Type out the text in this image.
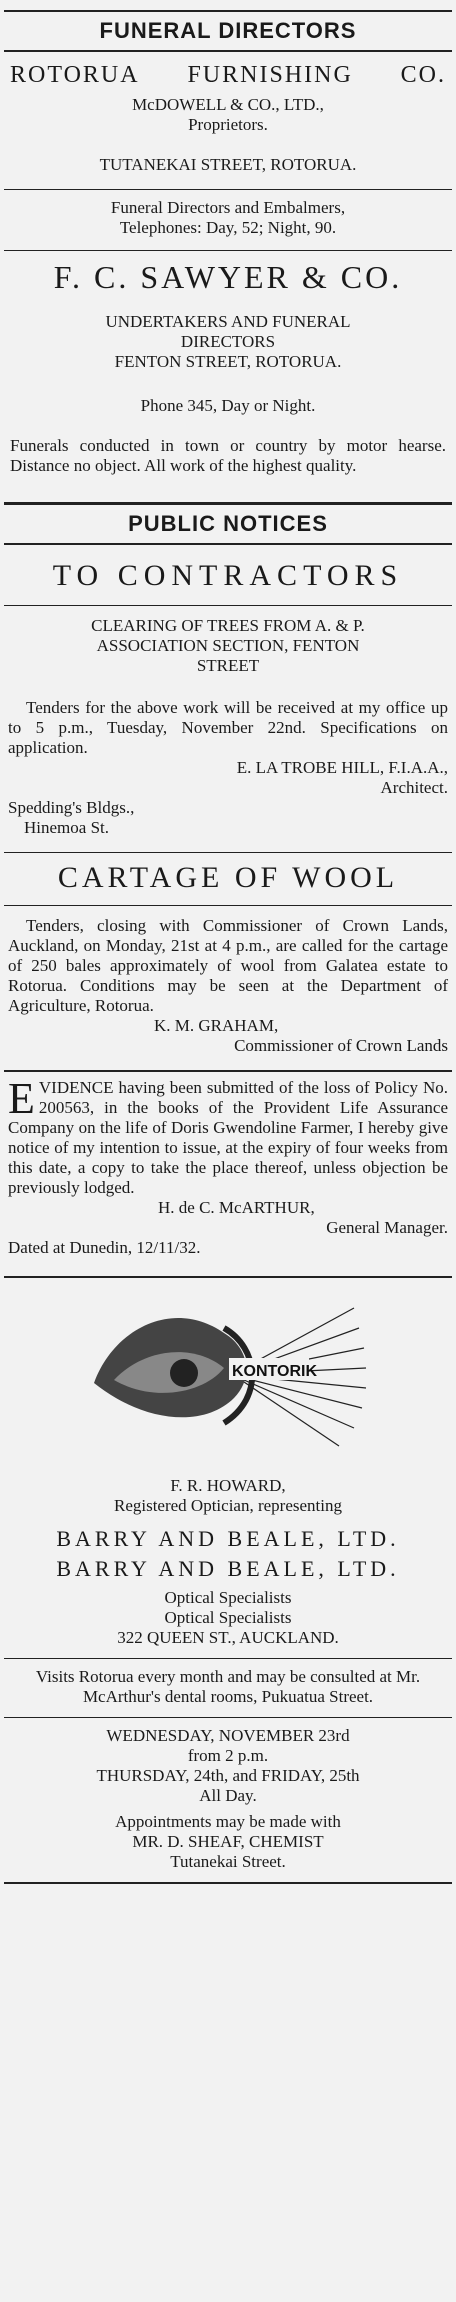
FUNERAL DIRECTORS
ROTORUA FURNISHING CO.
McDOWELL & CO., LTD.,
Proprietors.
TUTANEKAI STREET, ROTORUA.
Funeral Directors and Embalmers,
Telephones: Day, 52; Night, 90.
F. C. SAWYER & CO.
UNDERTAKERS AND FUNERAL
DIRECTORS
FENTON STREET, ROTORUA.
Phone 345, Day or Night.
Funerals conducted in town or country by motor hearse. Distance no object. All work of the highest quality.
PUBLIC NOTICES
TO CONTRACTORS
CLEARING OF TREES FROM A. & P.
ASSOCIATION SECTION, FENTON
STREET
Tenders for the above work will be received at my office up to 5 p.m., Tuesday, November 22nd. Specifications on application.
E. LA TROBE HILL, F.I.A.A.,
Architect.
Spedding's Bldgs.,
Hinemoa St.
CARTAGE OF WOOL
Tenders, closing with Commissioner of Crown Lands, Auckland, on Monday, 21st at 4 p.m., are called for the cartage of 250 bales approximately of wool from Galatea estate to Rotorua. Conditions may be seen at the Department of Agriculture, Rotorua.
K. M. GRAHAM,
Commissioner of Crown Lands
EVIDENCE having been submitted of the loss of Policy No. 200563, in the books of the Provident Life Assurance Company on the life of Doris Gwendoline Farmer, I hereby give notice of my intention to issue, at the expiry of four weeks from this date, a copy to take the place thereof, unless objection be previously lodged.
H. de C. McARTHUR,
General Manager.
Dated at Dunedin, 12/11/32.
KONTORIK
F. R. HOWARD,
Registered Optician, representing
BARRY AND BEALE, LTD.
BARRY AND BEALE, LTD.
Optical Specialists
Optical Specialists
322 QUEEN ST., AUCKLAND.
Visits Rotorua every month and may be consulted at Mr. McArthur's dental rooms, Pukuatua Street.
WEDNESDAY, NOVEMBER 23rd
from 2 p.m.
THURSDAY, 24th, and FRIDAY, 25th
All Day.
Appointments may be made with
MR. D. SHEAF, CHEMIST
Tutanekai Street.
